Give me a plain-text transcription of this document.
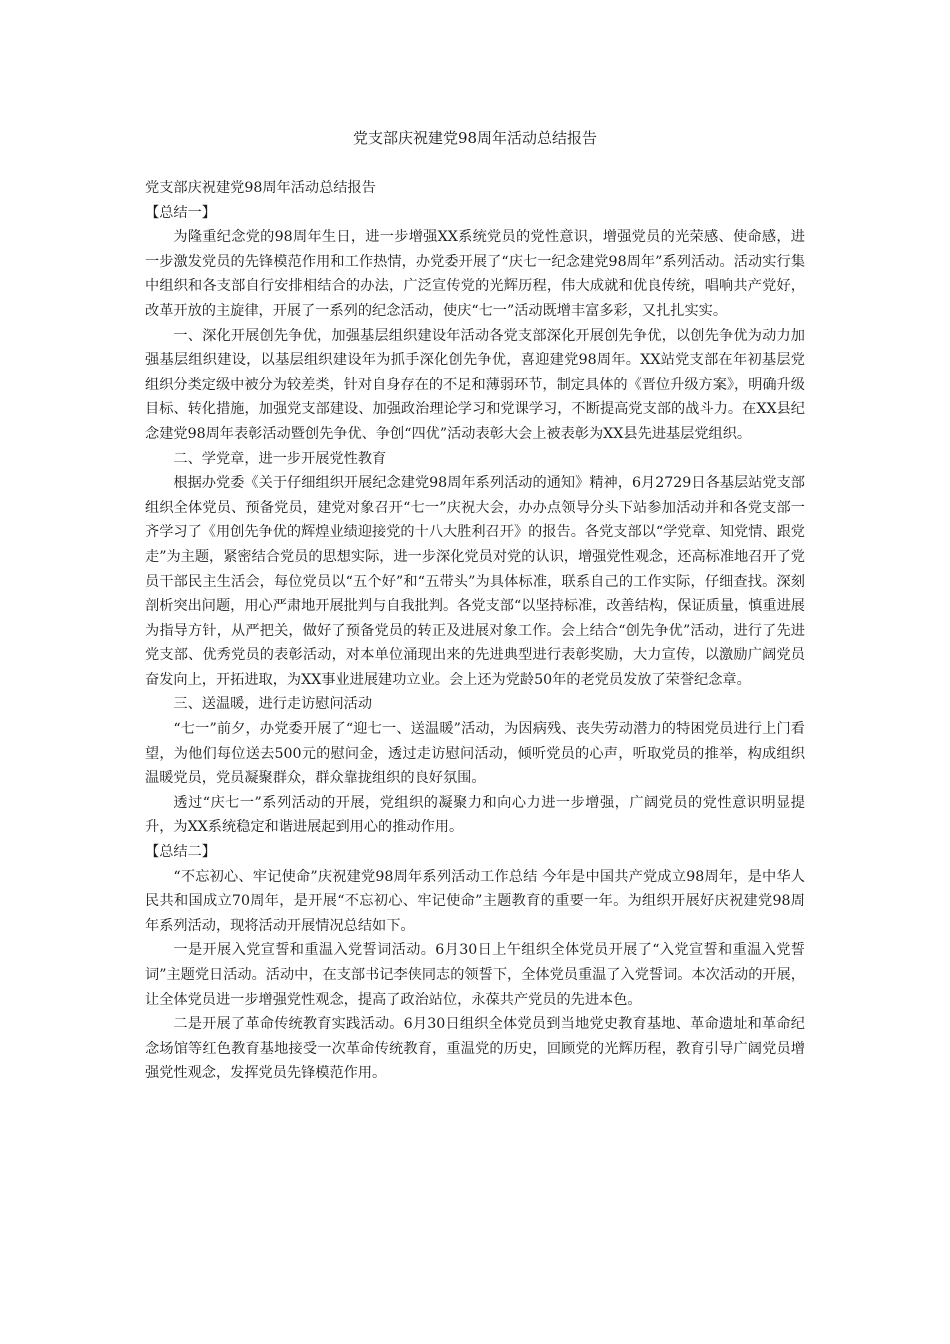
党支部庆祝建党98周年活动总结报告

党支部庆祝建党98周年活动总结报告

【总结一】

为隆重纪念党的98周年生日，进一步增强XX系统党员的党性意识，增强党员的光荣感、使命感，进一步激发党员的先锋模范作用和工作热情，办党委开展了“庆七一纪念建党98周年”系列活动。活动实行集中组织和各支部自行安排相结合的办法，广泛宣传党的光辉历程，伟大成就和优良传统，唱响共产党好，改革开放的主旋律，开展了一系列的纪念活动，使庆“七一”活动既增丰富多彩，又扎扎实实。

一、深化开展创先争优，加强基层组织建设年活动各党支部深化开展创先争优，以创先争优为动力加强基层组织建设，以基层组织建设年为抓手深化创先争优，喜迎建党98周年。XX站党支部在年初基层党组织分类定级中被分为较差类，针对自身存在的不足和薄弱环节，制定具体的《晋位升级方案》，明确升级目标、转化措施，加强党支部建设、加强政治理论学习和党课学习，不断提高党支部的战斗力。在XX县纪念建党98周年表彰活动暨创先争优、争创“四优”活动表彰大会上被表彰为XX县先进基层党组织。

二、学党章，进一步开展党性教育

根据办党委《关于仔细组织开展纪念建党98周年系列活动的通知》精神，6月2729日各基层站党支部组织全体党员、预备党员，建党对象召开“七一”庆祝大会，办办点领导分头下站参加活动并和各党支部一齐学习了《用创先争优的辉煌业绩迎接党的十八大胜利召开》的报告。各党支部以“学党章、知党情、跟党走”为主题，紧密结合党员的思想实际，进一步深化党员对党的认识，增强党性观念，还高标准地召开了党员干部民主生活会，每位党员以“五个好”和“五带头”为具体标准，联系自己的工作实际，仔细查找。深刻剖析突出问题，用心严肃地开展批判与自我批判。各党支部“以坚持标准，改善结构，保证质量，慎重进展为指导方针，从严把关，做好了预备党员的转正及进展对象工作。会上结合“创先争优”活动，进行了先进党支部、优秀党员的表彰活动，对本单位涌现出来的先进典型进行表彰奖励，大力宣传，以激励广阔党员奋发向上，开拓进取，为XX事业进展建功立业。会上还为党龄50年的老党员发放了荣誉纪念章。

三、送温暖，进行走访慰问活动

“七一”前夕，办党委开展了“迎七一、送温暖”活动，为因病残、丧失劳动潜力的特困党员进行上门看望，为他们每位送去500元的慰问金，透过走访慰问活动，倾听党员的心声，听取党员的推举，构成组织温暖党员，党员凝聚群众，群众靠拢组织的良好氛围。

透过“庆七一”系列活动的开展，党组织的凝聚力和向心力进一步增强，广阔党员的党性意识明显提升，为XX系统稳定和谐进展起到用心的推动作用。

【总结二】

“不忘初心、牢记使命”庆祝建党98周年系列活动工作总结 今年是中国共产党成立98周年，是中华人民共和国成立70周年，是开展“不忘初心、牢记使命”主题教育的重要一年。为组织开展好庆祝建党98周年系列活动，现将活动开展情况总结如下。

一是开展入党宣誓和重温入党誓词活动。6月30日上午组织全体党员开展了“入党宣誓和重温入党誓词”主题党日活动。活动中，在支部书记李侠同志的领誓下，全体党员重温了入党誓词。本次活动的开展，让全体党员进一步增强党性观念，提高了政治站位，永葆共产党员的先进本色。

二是开展了革命传统教育实践活动。6月30日组织全体党员到当地党史教育基地、革命遗址和革命纪念场馆等红色教育基地接受一次革命传统教育，重温党的历史，回顾党的光辉历程，教育引导广阔党员增强党性观念，发挥党员先锋模范作用。
